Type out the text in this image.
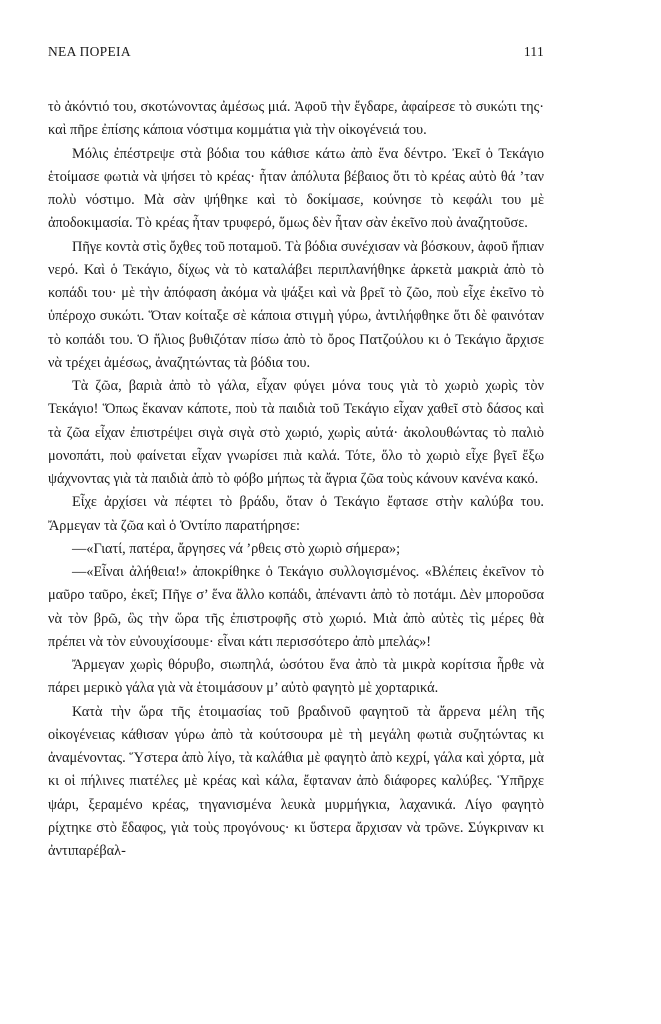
ΝΕΑ ΠΟΡΕΙΑ	111

τὸ ἀκόντιό του, σκοτώνοντας ἀμέσως μιά. Ἀφοῦ τὴν ἔγδαρε, ἀφαίρεσε τὸ συκώτι της· καὶ πῆρε ἐπίσης κάποια νόστιμα κομμάτια γιὰ τὴν οἰκογένειά του.

Μόλις ἐπέστρεψε στὰ βόδια του κάθισε κάτω ἀπὸ ἕνα δέντρο. Ἐκεῖ ὁ Τεκάγιο ἑτοίμασε φωτιὰ νὰ ψήσει τὸ κρέας· ἦταν ἀπόλυτα βέβαιος ὅτι τὸ κρέας αὐτὸ θά ’ταν πολὺ νόστιμο. Μὰ σὰν ψήθηκε καὶ τὸ δοκίμασε, κούνησε τὸ κεφάλι του μὲ ἀποδοκιμασία. Τὸ κρέας ἦταν τρυφερό, ὅμως δὲν ἦταν σὰν ἐκεῖνο ποὺ ἀναζητοῦσε.

Πῆγε κοντὰ στὶς ὄχθες τοῦ ποταμοῦ. Τὰ βόδια συνέχισαν νὰ βόσκουν, ἀφοῦ ἤπιαν νερό. Καὶ ὁ Τεκάγιο, δίχως νὰ τὸ καταλάβει περιπλανήθηκε ἀρκετὰ μακριὰ ἀπὸ τὸ κοπάδι του· μὲ τὴν ἀπόφαση ἀκόμα νὰ ψάξει καὶ νὰ βρεῖ τὸ ζῶο, ποὺ εἶχε ἐκεῖνο τὸ ὑπέροχο συκώτι. Ὅταν κοίταξε σὲ κάποια στιγμὴ γύρω, ἀντιλήφθηκε ὅτι δὲ φαινόταν τὸ κοπάδι του. Ὁ ἥλιος βυθιζόταν πίσω ἀπὸ τὸ ὄρος Πατζούλου κι ὁ Τεκάγιο ἄρχισε νὰ τρέχει ἀμέσως, ἀναζητώντας τὰ βόδια του.

Τὰ ζῶα, βαριὰ ἀπὸ τὸ γάλα, εἶχαν φύγει μόνα τους γιὰ τὸ χωριὸ χωρὶς τὸν Τεκάγιο! Ὅπως ἔκαναν κάποτε, ποὺ τὰ παιδιὰ τοῦ Τεκάγιο εἶχαν χαθεῖ στὸ δάσος καὶ τὰ ζῶα εἶχαν ἐπιστρέψει σιγὰ σιγὰ στὸ χωριό, χωρὶς αὐτά· ἀκολουθώντας τὸ παλιὸ μονοπάτι, ποὺ φαίνεται εἶχαν γνωρίσει πιὰ καλά. Τότε, ὅλο τὸ χωριὸ εἶχε βγεῖ ἔξω ψάχνοντας γιὰ τὰ παιδιὰ ἀπὸ τὸ φόβο μήπως τὰ ἄγρια ζῶα τοὺς κάνουν κανένα κακό.

Εἶχε ἀρχίσει νὰ πέφτει τὸ βράδυ, ὅταν ὁ Τεκάγιο ἔφτασε στὴν καλύβα του. Ἄρμεγαν τὰ ζῶα καὶ ὁ Ὀντίπο παρατήρησε:

—«Γιατί, πατέρα, ἄργησες νά ’ρθεις στὸ χωριὸ σήμερα»;

—«Εἶναι ἀλήθεια!» ἀποκρίθηκε ὁ Τεκάγιο συλλογισμένος. «Βλέπεις ἐκεῖνον τὸ μαῦρο ταῦρο, ἐκεῖ; Πῆγε σ’ ἕνα ἄλλο κοπάδι, ἀπέναντι ἀπὸ τὸ ποτάμι. Δὲν μποροῦσα νὰ τὸν βρῶ, ὣς τὴν ὥρα τῆς ἐπιστροφῆς στὸ χωριό. Μιὰ ἀπὸ αὐτὲς τὶς μέρες θὰ πρέπει νὰ τὸν εὐνουχίσουμε· εἶναι κάτι περισσότερο ἀπὸ μπελάς»!

Ἄρμεγαν χωρὶς θόρυβο, σιωπηλά, ὡσότου ἕνα ἀπὸ τὰ μικρὰ κορίτσια ἦρθε νὰ πάρει μερικὸ γάλα γιὰ νὰ ἑτοιμάσουν μ’ αὐτὸ φαγητὸ μὲ χορταρικά.

Κατὰ τὴν ὥρα τῆς ἑτοιμασίας τοῦ βραδινοῦ φαγητοῦ τὰ ἄρρενα μέλη τῆς οἰκογένειας κάθισαν γύρω ἀπὸ τὰ κούτσουρα μὲ τὴ μεγάλη φωτιὰ συζητώντας κι ἀναμένοντας. Ὕστερα ἀπὸ λίγο, τὰ καλάθια μὲ φαγητὸ ἀπὸ κεχρί, γάλα καὶ χόρτα, μὰ κι οἱ πήλινες πιατέλες μὲ κρέας καὶ κάλα, ἔφταναν ἀπὸ διάφορες καλύβες. Ὑπῆρχε ψάρι, ξεραμένο κρέας, τηγανισμένα λευκὰ μυρμήγκια, λαχανικά. Λίγο φαγητὸ ρίχτηκε στὸ ἔδαφος, γιὰ τοὺς προγόνους· κι ὕστερα ἄρχισαν νὰ τρῶνε. Σύγκριναν κι ἀντιπαρέβαλ-
